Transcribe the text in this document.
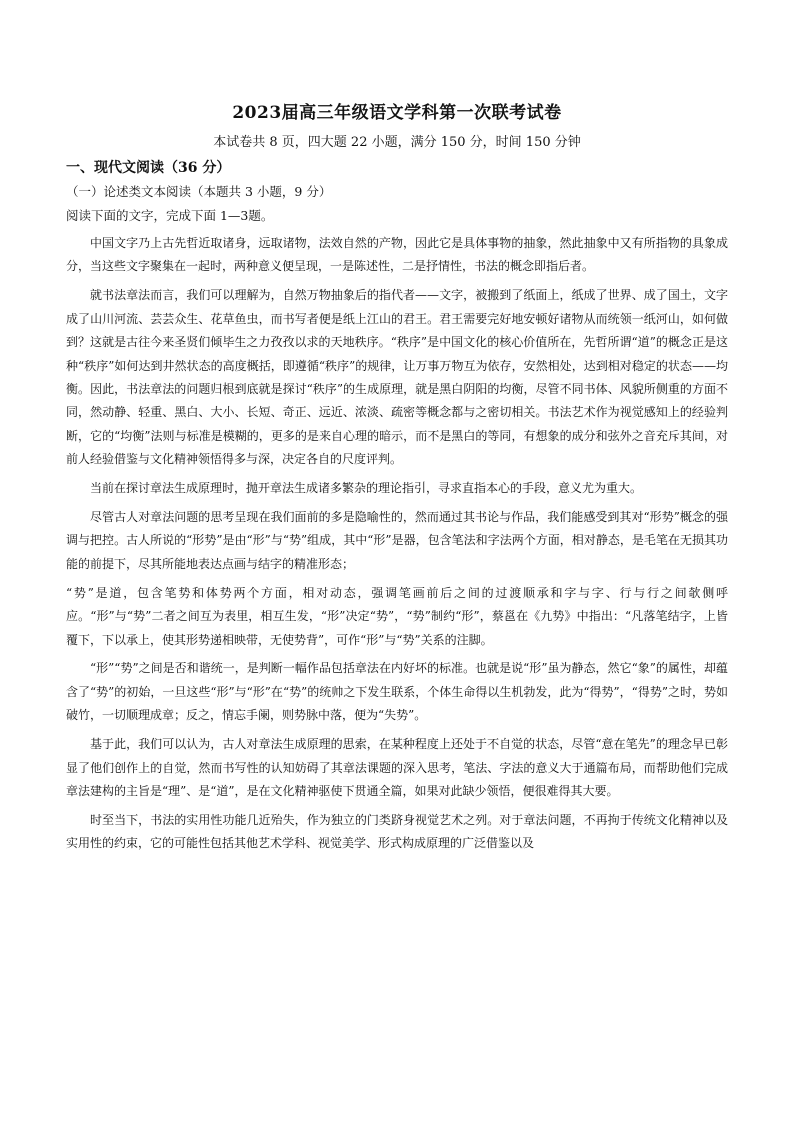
2023届高三年级语文学科第一次联考试卷
本试卷共 8 页，四大题 22 小题，满分 150 分，时间 150 分钟
一、现代文阅读（36 分）
（一）论述类文本阅读（本题共 3 小题，9 分）
阅读下面的文字，完成下面 1—3题。

中国文字乃上古先哲近取诸身，远取诸物，法效自然的产物，因此它是具体事物的抽象，然此抽象中又有所指物的具象成分，当这些文字聚集在一起时，两种意义便呈现，一是陈述性，二是抒情性，书法的概念即指后者。

就书法章法而言，我们可以理解为，自然万物抽象后的指代者——文字，被搬到了纸面上，纸成了世界、成了国土，文字成了山川河流、芸芸众生、花草鱼虫，而书写者便是纸上江山的君王。君王需要完好地安顿好诸物从而统领一纸河山，如何做到？这就是古往今来圣贤们倾毕生之力孜孜以求的天地秩序。“秩序”是中国文化的核心价值所在，先哲所谓“道”的概念正是这种“秩序”如何达到井然状态的高度概括，即遵循“秩序”的规律，让万事万物互为依存，安然相处，达到相对稳定的状态——均衡。因此，书法章法的问题归根到底就是探讨“秩序”的生成原理，就是黑白阴阳的均衡，尽管不同书体、风貌所侧重的方面不同，然动静、轻重、黑白、大小、长短、奇正、远近、浓淡、疏密等概念都与之密切相关。书法艺术作为视觉感知上的经验判断，它的“均衡”法则与标准是模糊的，更多的是来自心理的暗示，而不是黑白的等同，有想象的成分和弦外之音充斥其间，对前人经验借鉴与文化精神领悟得多与深，决定各自的尺度评判。

当前在探讨章法生成原理时，抛开章法生成诸多繁杂的理论指引，寻求直指本心的手段，意义尤为重大。

尽管古人对章法问题的思考呈现在我们面前的多是隐喻性的，然而通过其书论与作品，我们能感受到其对“形势”概念的强调与把控。古人所说的“形势”是由“形”与“势”组成，其中“形”是器，包含笔法和字法两个方面，相对静态，是毛笔在无损其功能的前提下，尽其所能地表达点画与结字的精准形态；

“势”是道，包含笔势和体势两个方面，相对动态，强调笔画前后之间的过渡顺承和字与字、行与行之间欹侧呼应。“形”与“势”二者之间互为表里，相互生发，“形”决定“势”，“势”制约“形”，蔡邕在《九势》中指出：“凡落笔结字，上皆覆下，下以承上，使其形势递相映带，无使势背”，可作“形”与“势”关系的注脚。

“形”“势”之间是否和谐统一，是判断一幅作品包括章法在内好坏的标准。也就是说“形”虽为静态，然它“象”的属性，却蕴含了“势”的初始，一旦这些“形”与“形”在“势”的统帅之下发生联系，个体生命得以生机勃发，此为“得势”，“得势”之时，势如破竹，一切顺理成章；反之，情忘手阑，则势脉中落，便为“失势”。

基于此，我们可以认为，古人对章法生成原理的思索，在某种程度上还处于不自觉的状态，尽管“意在笔先”的理念早已彰显了他们创作上的自觉，然而书写性的认知妨碍了其章法课题的深入思考，笔法、字法的意义大于通篇布局，而帮助他们完成章法建构的主旨是“理”、是“道”，是在文化精神驱使下贯通全篇，如果对此缺少领悟，便很难得其大要。

时至当下，书法的实用性功能几近殆失，作为独立的门类跻身视觉艺术之列。对于章法问题，不再拘于传统文化精神以及实用性的约束，它的可能性包括其他艺术学科、视觉美学、形式构成原理的广泛借鉴以及
